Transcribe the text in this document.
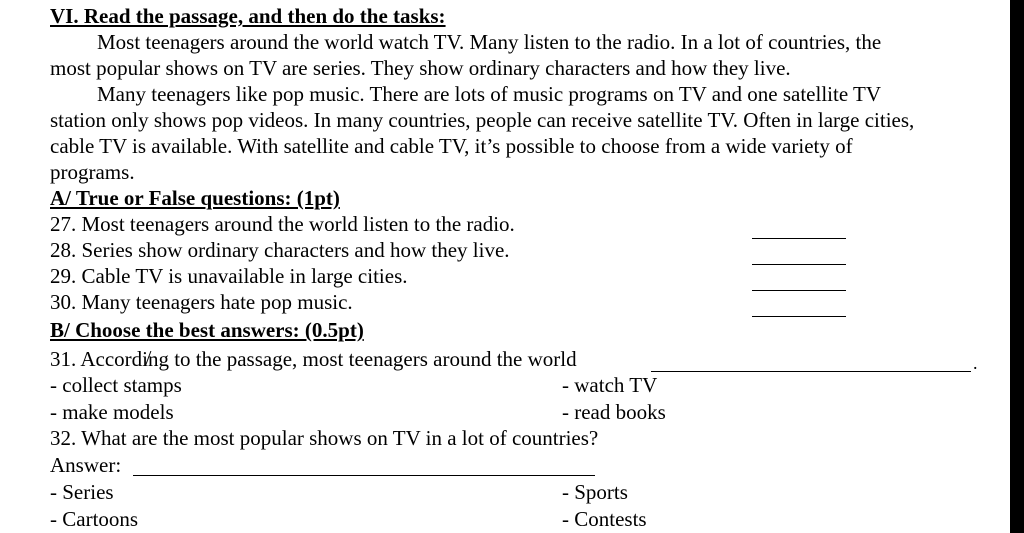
VI. Read the passage, and then do the tasks:
Most teenagers around the world watch TV. Many listen to the radio. In a lot of countries, the
most popular shows on TV are series. They show ordinary characters and how they live.
Many teenagers like pop music. There are lots of music programs on TV and one satellite TV
station only shows pop videos. In many countries, people can receive satellite TV. Often in large cities,
cable TV is available. With satellite and cable TV, it’s possible to choose from a wide variety of
programs.
A/ True or False questions: (1pt)
27. Most teenagers around the world listen to the radio.
28. Series show ordinary characters and how they live.
29. Cable TV is unavailable in large cities.
30. Many teenagers hate pop music.
B/ Choose the best answers: (0.5pt)
31. Accordi̸ng to the passage, most teenagers around the world	.
- collect stamps	- watch TV
- make models	- read books
32. What are the most popular shows on TV in a lot of countries?
Answer:
- Series	- Sports
- Cartoons	- Contests
